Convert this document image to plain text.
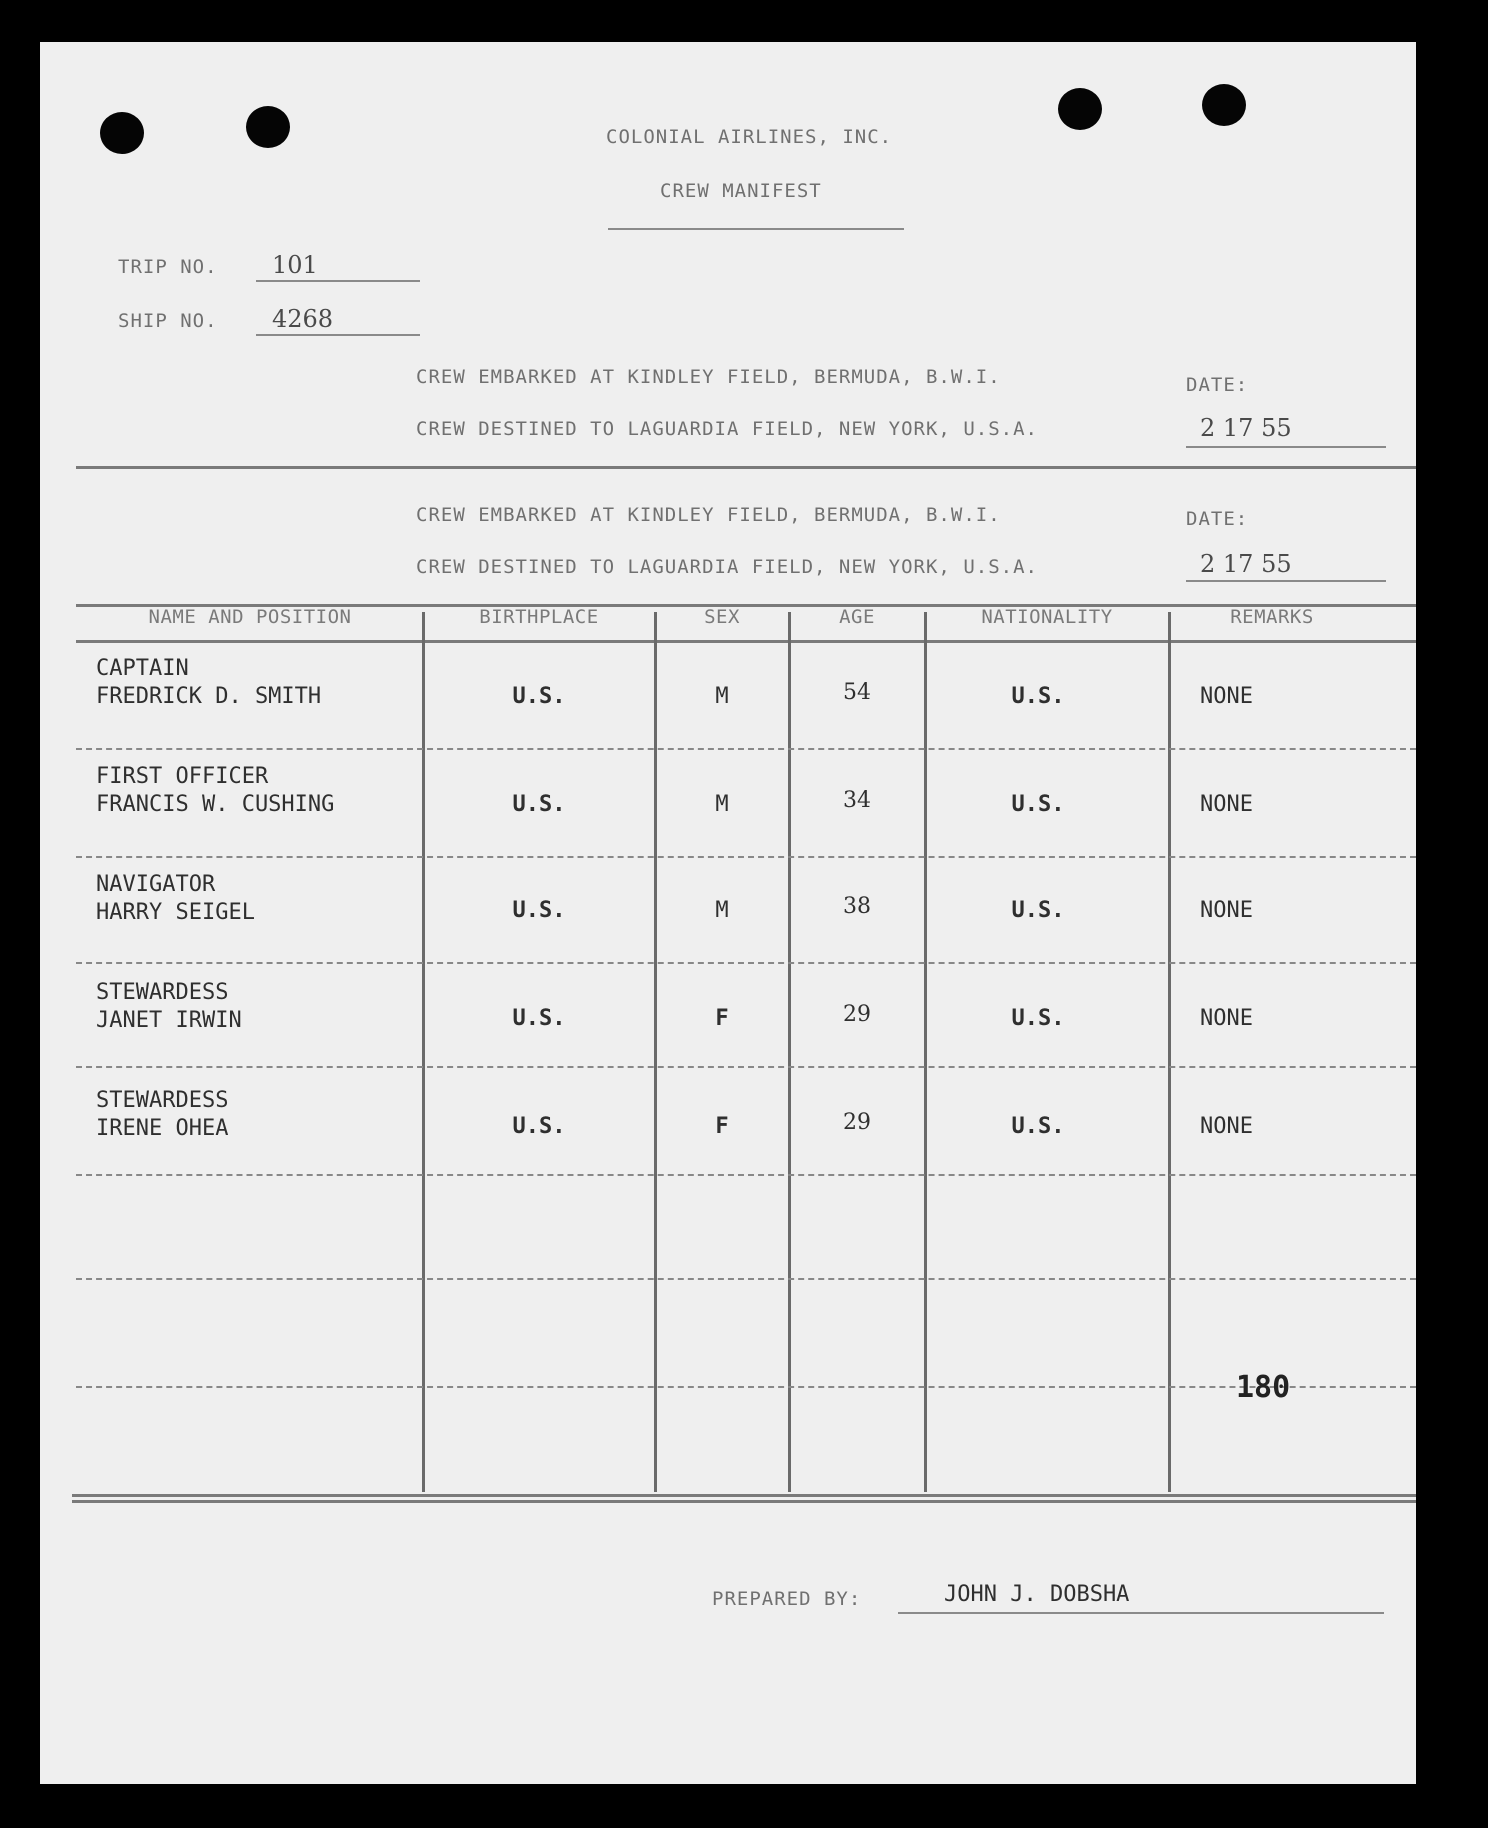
COLONIAL AIRLINES, INC.
CREW MANIFEST
TRIP NO. 101
SHIP NO. 4268
CREW EMBARKED AT KINDLEY FIELD, BERMUDA, B.W.I.	DATE:
CREW DESTINED TO LAGUARDIA FIELD, NEW YORK, U.S.A.	2 17 55
CREW EMBARKED AT KINDLEY FIELD, BERMUDA, B.W.I.	DATE:
CREW DESTINED TO LAGUARDIA FIELD, NEW YORK, U.S.A.	2 17 55
NAME AND POSITION	BIRTHPLACE	SEX	AGE	NATIONALITY	REMARKS
CAPTAIN
FREDRICK D. SMITH	U.S.	M	54	U.S.	NONE
FIRST OFFICER
FRANCIS W. CUSHING	U.S.	M	34	U.S.	NONE
NAVIGATOR
HARRY SEIGEL	U.S.	M	38	U.S.	NONE
STEWARDESS
JANET IRWIN	U.S.	F	29	U.S.	NONE
STEWARDESS
IRENE OHEA	U.S.	F	29	U.S.	NONE
180
PREPARED BY:	JOHN J. DOBSHA
